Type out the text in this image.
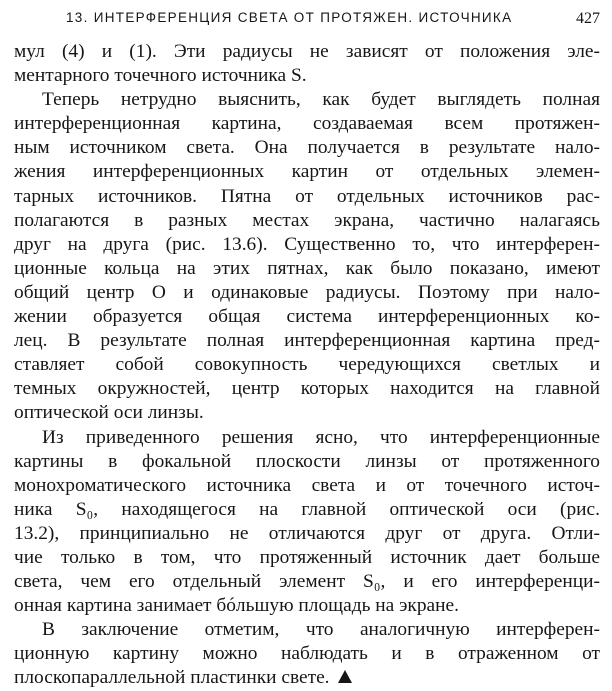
13. ИНТЕРФЕРЕНЦИЯ СВЕТА ОТ ПРОТЯЖЕН. ИСТОЧНИКА	427
мул (4) и (1). Эти радиусы не зависят от положения эле-
ментарного точечного источника S.
Теперь нетрудно выяснить, как будет выглядеть полная
интерференционная картина, создаваемая всем протяжен-
ным источником света. Она получается в результате нало-
жения интерференционных картин от отдельных элемен-
тарных источников. Пятна от отдельных источников рас-
полагаются в разных местах экрана, частично налагаясь
друг на друга (рис. 13.6). Существенно то, что интерферен-
ционные кольца на этих пятнах, как было показано, имеют
общий центр O и одинаковые радиусы. Поэтому при нало-
жении образуется общая система интерференционных ко-
лец. В результате полная интерференционная картина пред-
ставляет собой совокупность чередующихся светлых и
темных окружностей, центр которых находится на главной
оптической оси линзы.
Из приведенного решения ясно, что интерференционные
картины в фокальной плоскости линзы от протяженного
монохроматического источника света и от точечного источ-
ника S₀, находящегося на главной оптической оси (рис.
13.2), принципиально не отличаются друг от друга. Отли-
чие только в том, что протяженный источник дает больше
света, чем его отдельный элемент S₀, и его интерференци-
онная картина занимает бóльшую площадь на экране.
В заключение отметим, что аналогичную интерферен-
ционную картину можно наблюдать и в отраженном от
плоскопараллельной пластинки свете.
